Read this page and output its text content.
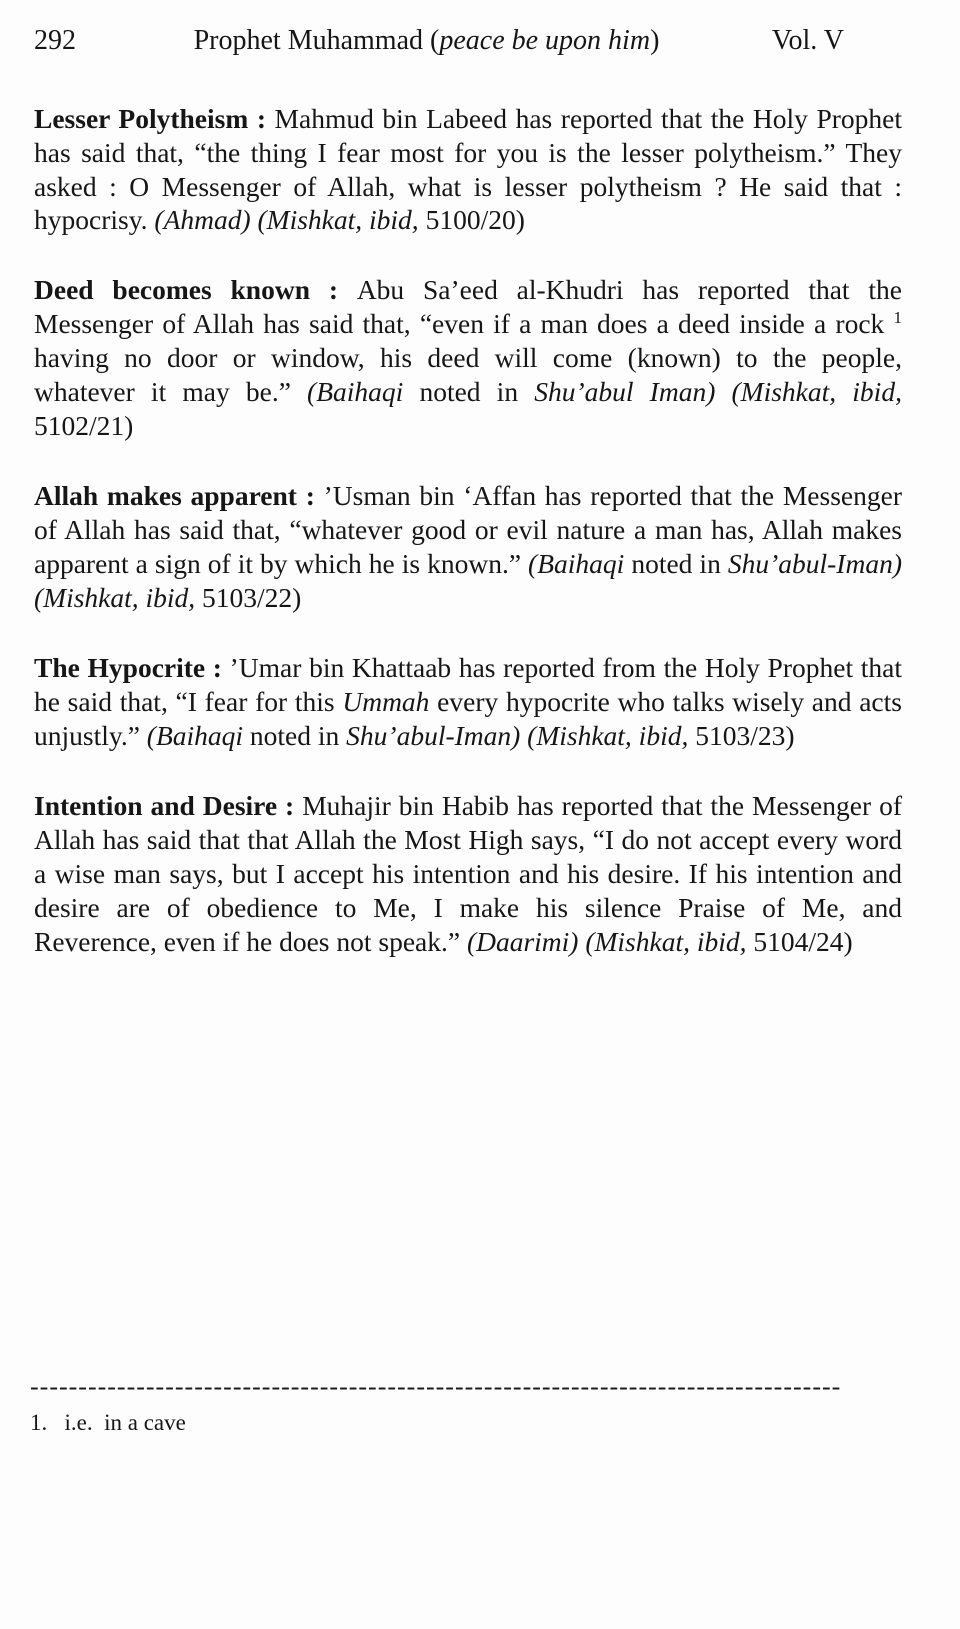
292	Prophet Muhammad (peace be upon him)	Vol. V

Lesser Polytheism : Mahmud bin Labeed has reported that the Holy Prophet has said that, “the thing I fear most for you is the lesser polytheism.” They asked : O Messenger of Allah, what is lesser polytheism ? He said that : hypocrisy. (Ahmad) (Mishkat, ibid, 5100/20)

Deed becomes known : Abu Sa’eed al-Khudri has reported that the Messenger of Allah has said that, “even if a man does a deed inside a rock $^1$ having no door or window, his deed will come (known) to the people, whatever it may be.” (Baihaqi noted in Shu’abul Iman) (Mishkat, ibid, 5102/21)

Allah makes apparent : ’Usman bin ‘Affan has reported that the Messenger of Allah has said that, “whatever good or evil nature a man has, Allah makes apparent a sign of it by which he is known.” (Baihaqi noted in Shu’abul-Iman) (Mishkat, ibid, 5103/22)

The Hypocrite : ’Umar bin Khattaab has reported from the Holy Prophet that he said that, “I fear for this Ummah every hypocrite who talks wisely and acts unjustly.” (Baihaqi noted in Shu’abul-Iman) (Mishkat, ibid, 5103/23)

Intention and Desire : Muhajir bin Habib has reported that the Messenger of Allah has said that that Allah the Most High says, “I do not accept every word a wise man says, but I accept his intention and his desire. If his intention and desire are of obedience to Me, I make his silence Praise of Me, and Reverence, even if he does not speak.” (Daarimi) (Mishkat, ibid, 5104/24)

------------------------------------------------------------------------------------
1.   i.e.  in a cave
